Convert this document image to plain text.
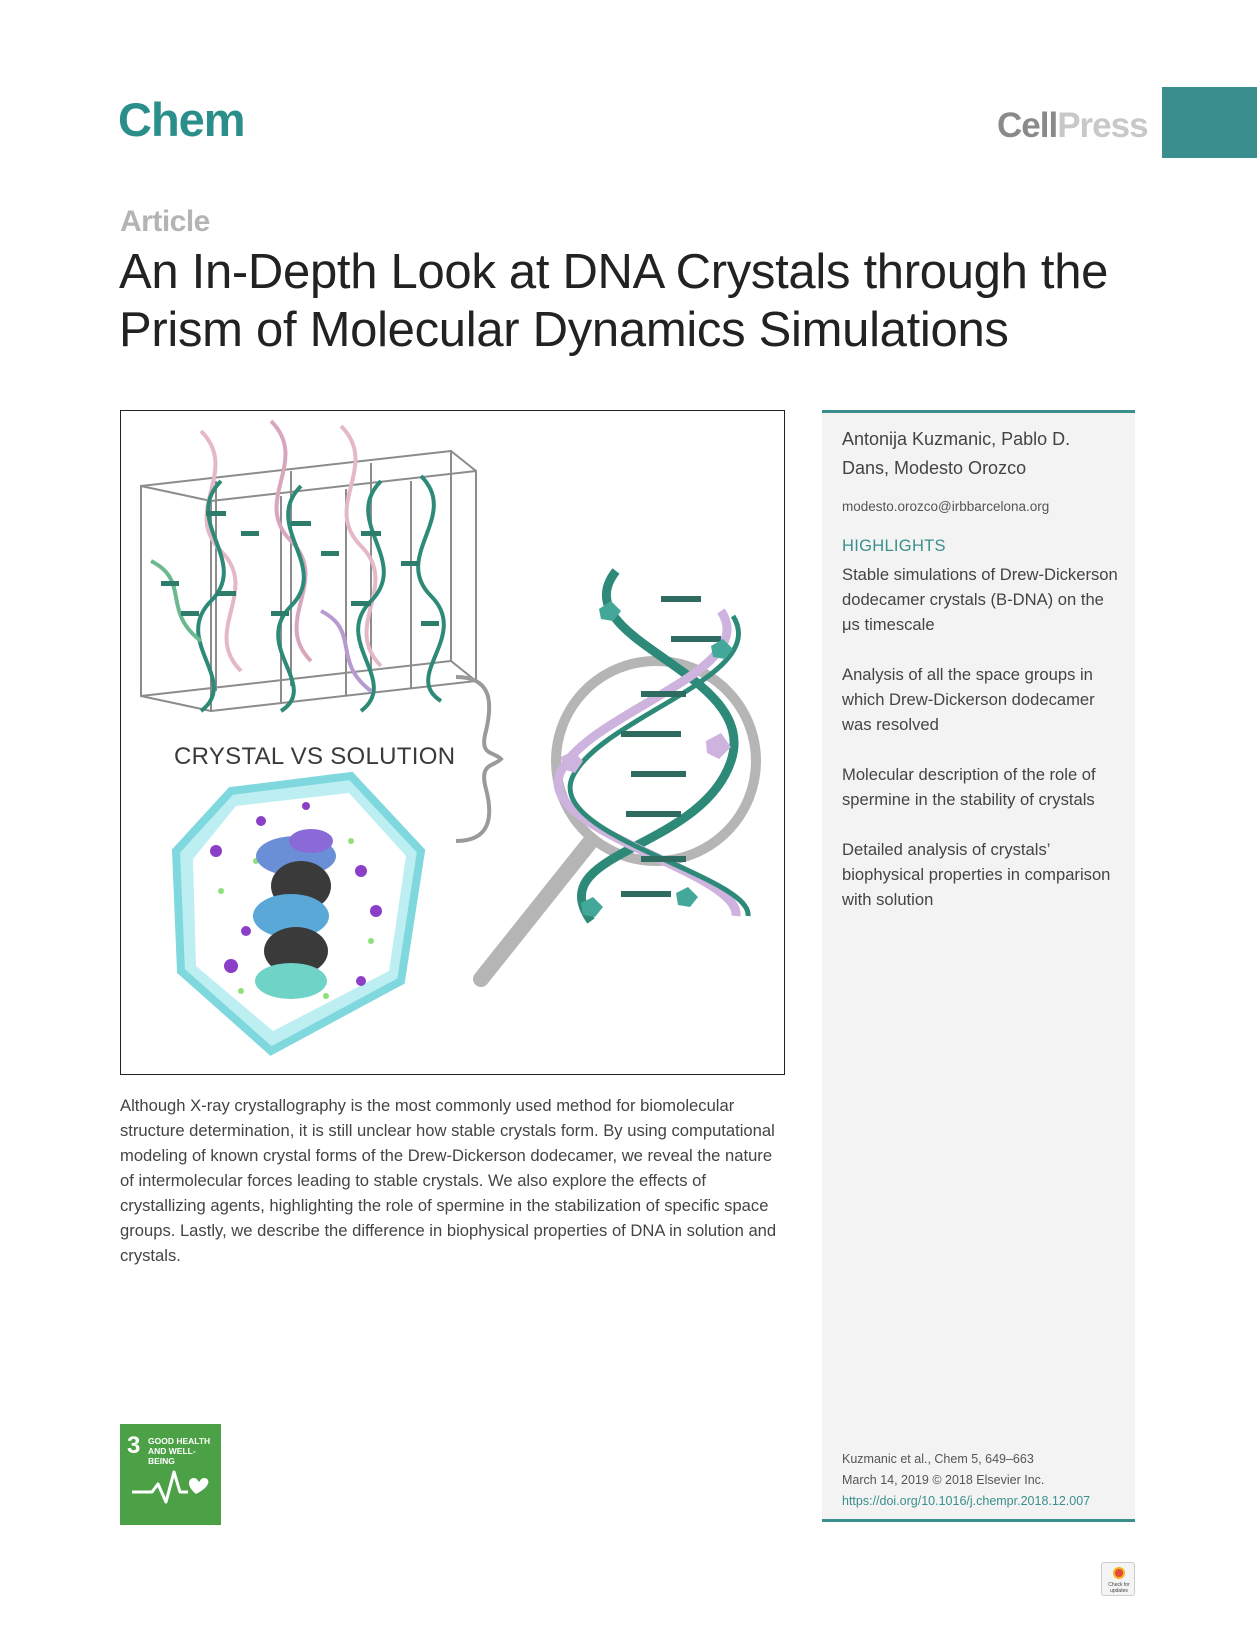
Chem	CellPress
Article
An In-Depth Look at DNA Crystals through the Prism of Molecular Dynamics Simulations
CRYSTAL VS SOLUTION

Although X-ray crystallography is the most commonly used method for biomolecular structure determination, it is still unclear how stable crystals form. By using computational modeling of known crystal forms of the Drew-Dickerson dodecamer, we reveal the nature of intermolecular forces leading to stable crystals. We also explore the effects of crystallizing agents, highlighting the role of spermine in the stabilization of specific space groups. Lastly, we describe the difference in biophysical properties of DNA in solution and crystals.

Antonija Kuzmanic, Pablo D. Dans, Modesto Orozco
modesto.orozco@irbbarcelona.org
HIGHLIGHTS
Stable simulations of Drew-Dickerson dodecamer crystals (B-DNA) on the μs timescale
Analysis of all the space groups in which Drew-Dickerson dodecamer was resolved
Molecular description of the role of spermine in the stability of crystals
Detailed analysis of crystals’ biophysical properties in comparison with solution
Kuzmanic et al., Chem 5, 649–663
March 14, 2019 © 2018 Elsevier Inc.
https://doi.org/10.1016/j.chempr.2018.12.007
3 GOOD HEALTH
AND WELL-BEING
Check for updates
